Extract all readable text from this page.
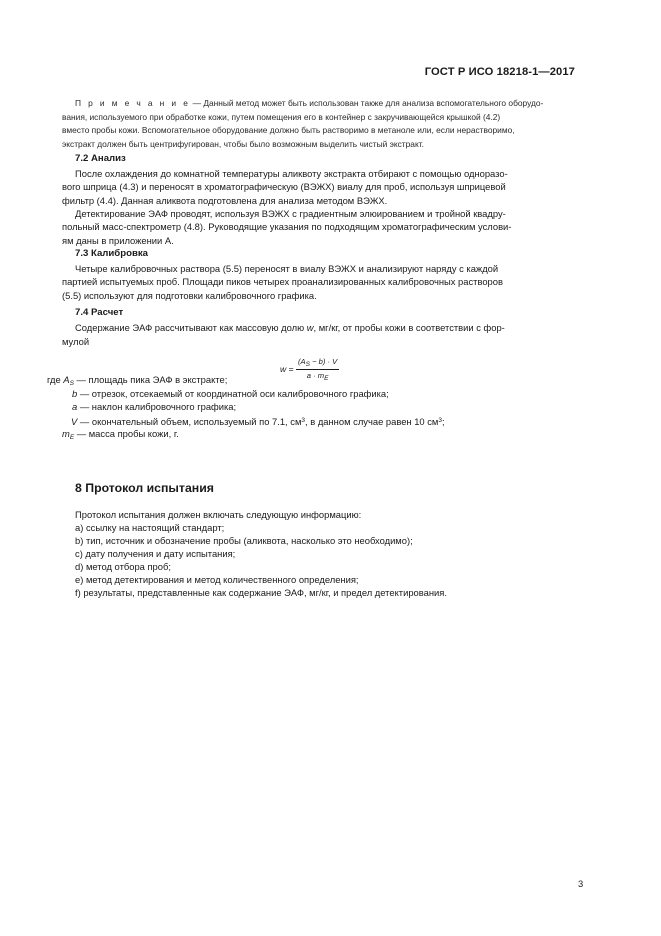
ГОСТ Р ИСО 18218-1—2017
П р и м е ч а н и е — Данный метод может быть использован также для анализа вспомогательного оборудо-
вания, используемого при обработке кожи, путем помещения его в контейнер с закручивающейся крышкой (4.2)
вместо пробы кожи. Вспомогательное оборудование должно быть растворимо в метаноле или, если нерастворимо,
экстракт должен быть центрифугирован, чтобы было возможным выделить чистый экстракт.
7.2 Анализ
После охлаждения до комнатной температуры аликвоту экстракта отбирают с помощью одноразо-
вого шприца (4.3) и переносят в хроматографическую (ВЭЖХ) виалу для проб, используя шприцевой
фильтр (4.4). Данная аликвота подготовлена для анализа методом ВЭЖХ.
Детектирование ЭАФ проводят, используя ВЭЖХ с градиентным элюированием и тройной квадру-
польный масс-спектрометр (4.8). Руководящие указания по подходящим хроматографическим услови-
ям даны в приложении А.
7.3 Калибровка
Четыре калибровочных раствора (5.5) переносят в виалу ВЭЖХ и анализируют наряду с каждой
партией испытуемых проб. Площади пиков четырех проанализированных калибровочных растворов
(5.5) используют для подготовки калибровочного графика.
7.4 Расчет
Содержание ЭАФ рассчитывают как массовую долю w, мг/кг, от пробы кожи в соответствии с фор-
мулой
$w = \frac{(A_S - b) \cdot V}{a \cdot m_E}$
где $A_S$ — площадь пика ЭАФ в экстракте;
b — отрезок, отсекаемый от координатной оси калибровочного графика;
a — наклон калибровочного графика;
V — окончательный объем, используемый по 7.1, $см^3$, в данном случае равен 10 $см^3$;
$m_E$ — масса пробы кожи, г.
8 Протокол испытания
Протокол испытания должен включать следующую информацию:
a) ссылку на настоящий стандарт;
b) тип, источник и обозначение пробы (аликвота, насколько это необходимо);
c) дату получения и дату испытания;
d) метод отбора проб;
e) метод детектирования и метод количественного определения;
f) результаты, представленные как содержание ЭАФ, мг/кг, и предел детектирования.
3
